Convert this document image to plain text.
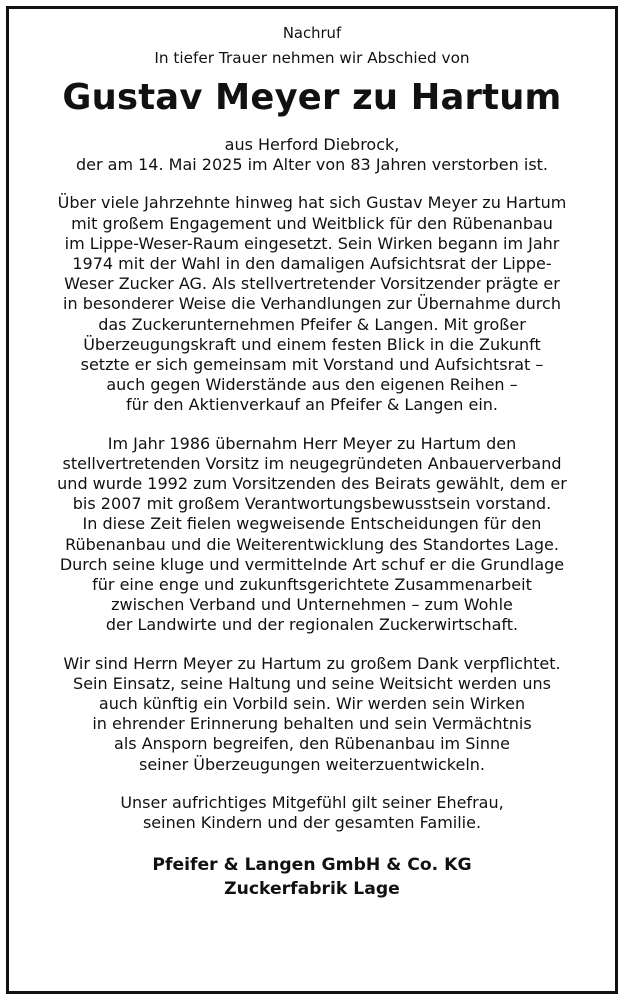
Nachruf
In tiefer Trauer nehmen wir Abschied von
Gustav Meyer zu Hartum
aus Herford Diebrock,
der am 14. Mai 2025 im Alter von 83 Jahren verstorben ist.
Über viele Jahrzehnte hinweg hat sich Gustav Meyer zu Hartum
mit großem Engagement und Weitblick für den Rübenanbau
im Lippe-Weser-Raum eingesetzt. Sein Wirken begann im Jahr
1974 mit der Wahl in den damaligen Aufsichtsrat der Lippe-
Weser Zucker AG. Als stellvertretender Vorsitzender prägte er
in besonderer Weise die Verhandlungen zur Übernahme durch
das Zuckerunternehmen Pfeifer & Langen. Mit großer
Überzeugungskraft und einem festen Blick in die Zukunft
setzte er sich gemeinsam mit Vorstand und Aufsichtsrat –
auch gegen Widerstände aus den eigenen Reihen –
für den Aktienverkauf an Pfeifer & Langen ein.
Im Jahr 1986 übernahm Herr Meyer zu Hartum den
stellvertretenden Vorsitz im neugegründeten Anbauerverband
und wurde 1992 zum Vorsitzenden des Beirats gewählt, dem er
bis 2007 mit großem Verantwortungsbewusstsein vorstand.
In diese Zeit fielen wegweisende Entscheidungen für den
Rübenanbau und die Weiterentwicklung des Standortes Lage.
Durch seine kluge und vermittelnde Art schuf er die Grundlage
für eine enge und zukunftsgerichtete Zusammenarbeit
zwischen Verband und Unternehmen – zum Wohle
der Landwirte und der regionalen Zuckerwirtschaft.
Wir sind Herrn Meyer zu Hartum zu großem Dank verpflichtet.
Sein Einsatz, seine Haltung und seine Weitsicht werden uns
auch künftig ein Vorbild sein. Wir werden sein Wirken
in ehrender Erinnerung behalten und sein Vermächtnis
als Ansporn begreifen, den Rübenanbau im Sinne
seiner Überzeugungen weiterzuentwickeln.
Unser aufrichtiges Mitgefühl gilt seiner Ehefrau,
seinen Kindern und der gesamten Familie.
Pfeifer & Langen GmbH & Co. KG
Zuckerfabrik Lage
